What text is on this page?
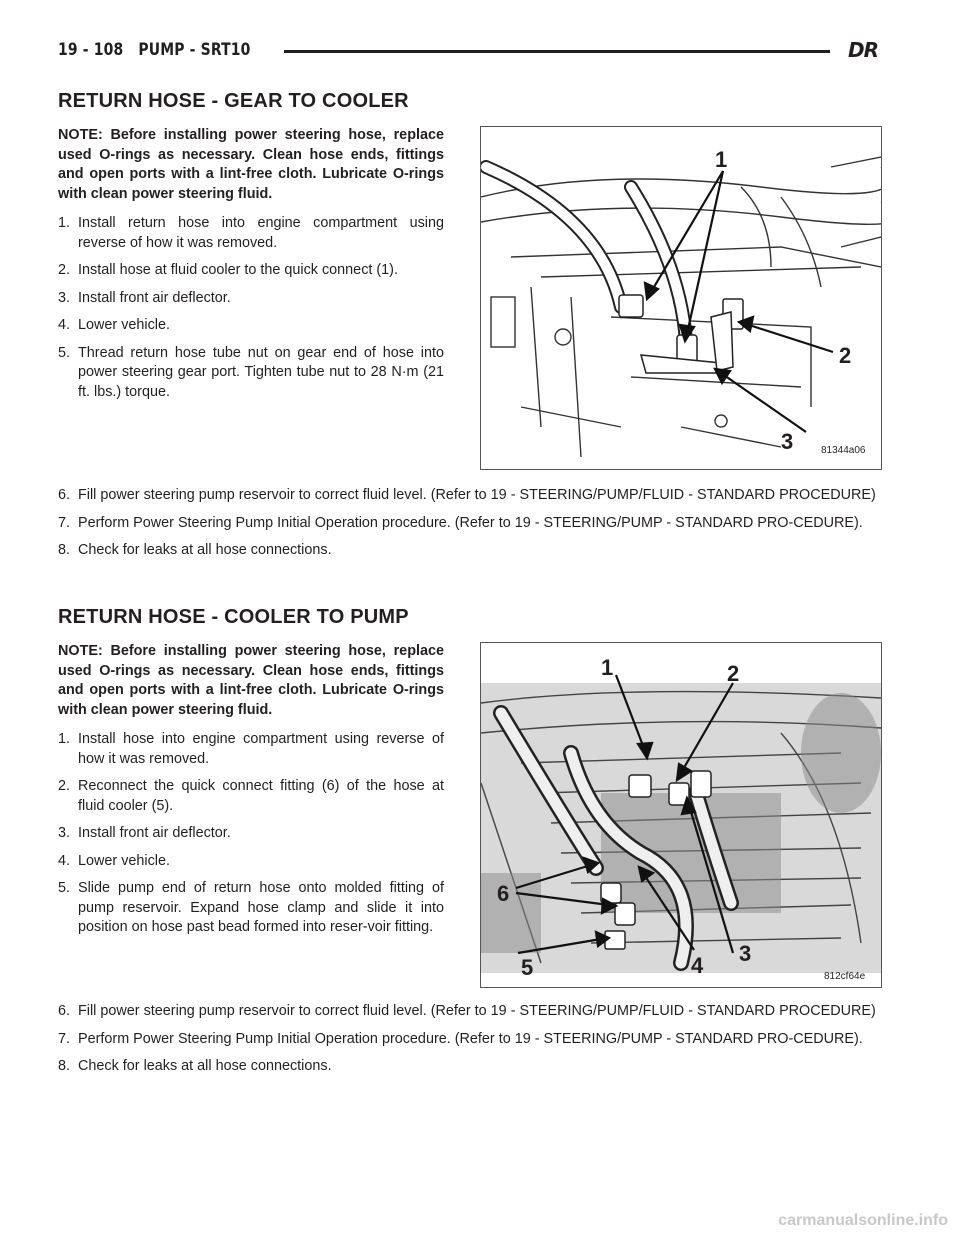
19 - 108   PUMP - SRT10	DR
RETURN HOSE - GEAR TO COOLER

NOTE: Before installing power steering hose, replace used O-rings as necessary. Clean hose ends, fittings and open ports with a lint-free cloth. Lubricate O-rings with clean power steering fluid.

1. Install return hose into engine compartment using reverse of how it was removed.
2. Install hose at fluid cooler to the quick connect (1).
3. Install front air deflector.
4. Lower vehicle.
5. Thread return hose tube nut on gear end of hose into power steering gear port. Tighten tube nut to 28 N·m (21 ft. lbs.) torque.
1
2
3	81344a06
6. Fill power steering pump reservoir to correct fluid level. (Refer to 19 - STEERING/PUMP/FLUID - STANDARD PROCEDURE)
7. Perform Power Steering Pump Initial Operation procedure. (Refer to 19 - STEERING/PUMP - STANDARD PRO-CEDURE).
8. Check for leaks at all hose connections.
RETURN HOSE - COOLER TO PUMP

NOTE: Before installing power steering hose, replace used O-rings as necessary. Clean hose ends, fittings and open ports with a lint-free cloth. Lubricate O-rings with clean power steering fluid.

1. Install hose into engine compartment using reverse of how it was removed.
2. Reconnect the quick connect fitting (6) of the hose at fluid cooler (5).
3. Install front air deflector.
4. Lower vehicle.
5. Slide pump end of return hose onto molded fitting of pump reservoir. Expand hose clamp and slide it into position on hose past bead formed into reser-voir fitting.
1	2
3
4
5
6
812cf64e
6. Fill power steering pump reservoir to correct fluid level. (Refer to 19 - STEERING/PUMP/FLUID - STANDARD PROCEDURE)
7. Perform Power Steering Pump Initial Operation procedure. (Refer to 19 - STEERING/PUMP - STANDARD PRO-CEDURE).
8. Check for leaks at all hose connections.
carmanualsonline.info
